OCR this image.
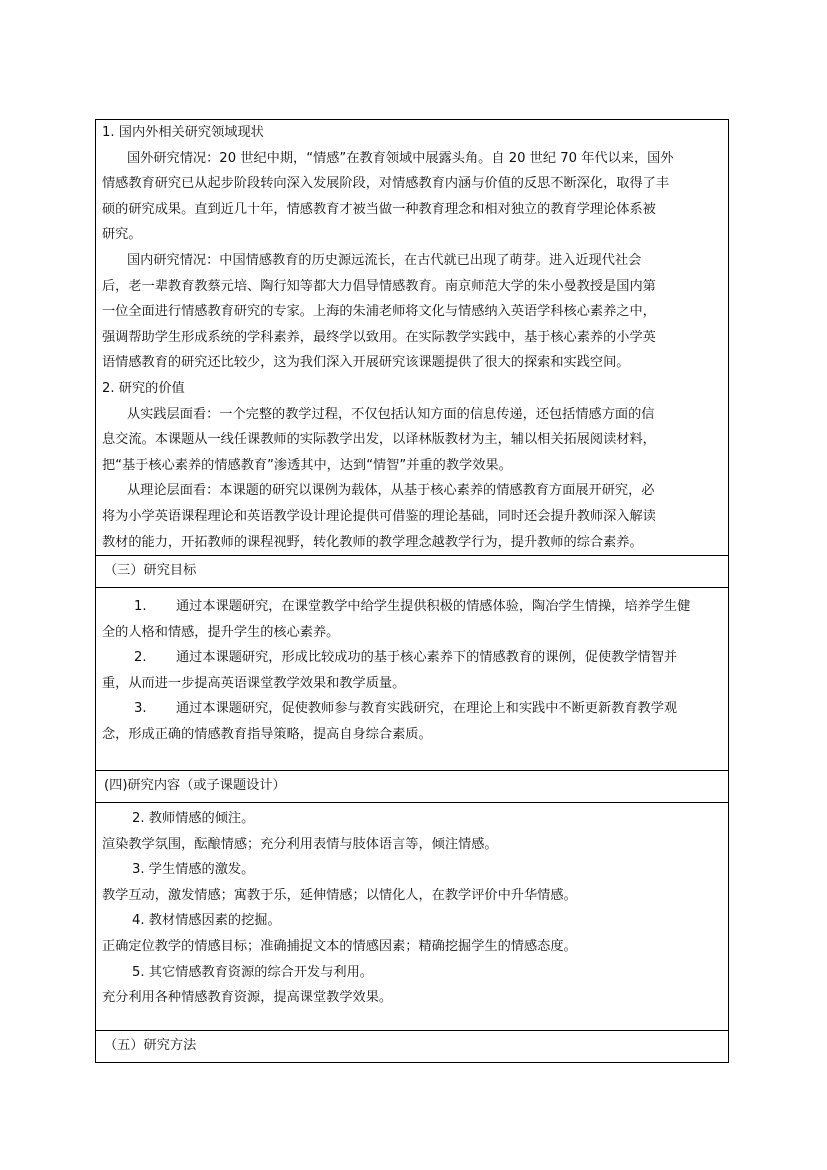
1. 国内外相关研究领域现状

国外研究情况：20 世纪中期，“情感”在教育领域中展露头角。自 20 世纪 70 年代以来，国外

情感教育研究已从起步阶段转向深入发展阶段，对情感教育内涵与价值的反思不断深化，取得了丰

硕的研究成果。直到近几十年，情感教育才被当做一种教育理念和相对独立的教育学理论体系被

研究。

国内研究情况：中国情感教育的历史源远流长，在古代就已出现了萌芽。进入近现代社会

后，老一辈教育教蔡元培、陶行知等都大力倡导情感教育。南京师范大学的朱小曼教授是国内第

一位全面进行情感教育研究的专家。上海的朱浦老师将文化与情感纳入英语学科核心素养之中，

强调帮助学生形成系统的学科素养，最终学以致用。在实际教学实践中，基于核心素养的小学英

语情感教育的研究还比较少，这为我们深入开展研究该课题提供了很大的探索和实践空间。

2. 研究的价值

从实践层面看：一个完整的教学过程，不仅包括认知方面的信息传递，还包括情感方面的信

息交流。本课题从一线任课教师的实际教学出发，以译林版教材为主，辅以相关拓展阅读材料，

把“基于核心素养的情感教育”渗透其中，达到“情智”并重的教学效果。

从理论层面看：本课题的研究以课例为载体，从基于核心素养的情感教育方面展开研究，必

将为小学英语课程理论和英语教学设计理论提供可借鉴的理论基础，同时还会提升教师深入解读

教材的能力，开拓教师的课程视野，转化教师的教学理念越教学行为，提升教师的综合素养。

（三）研究目标

1. 通过本课题研究，在课堂教学中给学生提供积极的情感体验，陶冶学生情操，培养学生健

全的人格和情感，提升学生的核心素养。

2. 通过本课题研究，形成比较成功的基于核心素养下的情感教育的课例，促使教学情智并

重，从而进一步提高英语课堂教学效果和教学质量。

3. 通过本课题研究，促使教师参与教育实践研究，在理论上和实践中不断更新教育教学观

念，形成正确的情感教育指导策略，提高自身综合素质。

(四)研究内容（或子课题设计）

2. 教师情感的倾注。

渲染教学氛围，酝酿情感；充分利用表情与肢体语言等，倾注情感。

3. 学生情感的激发。

教学互动，激发情感；寓教于乐，延伸情感；以情化人，在教学评价中升华情感。

4. 教材情感因素的挖掘。

正确定位教学的情感目标；准确捕捉文本的情感因素；精确挖掘学生的情感态度。

5. 其它情感教育资源的综合开发与利用。

充分利用各种情感教育资源，提高课堂教学效果。

（五）研究方法
